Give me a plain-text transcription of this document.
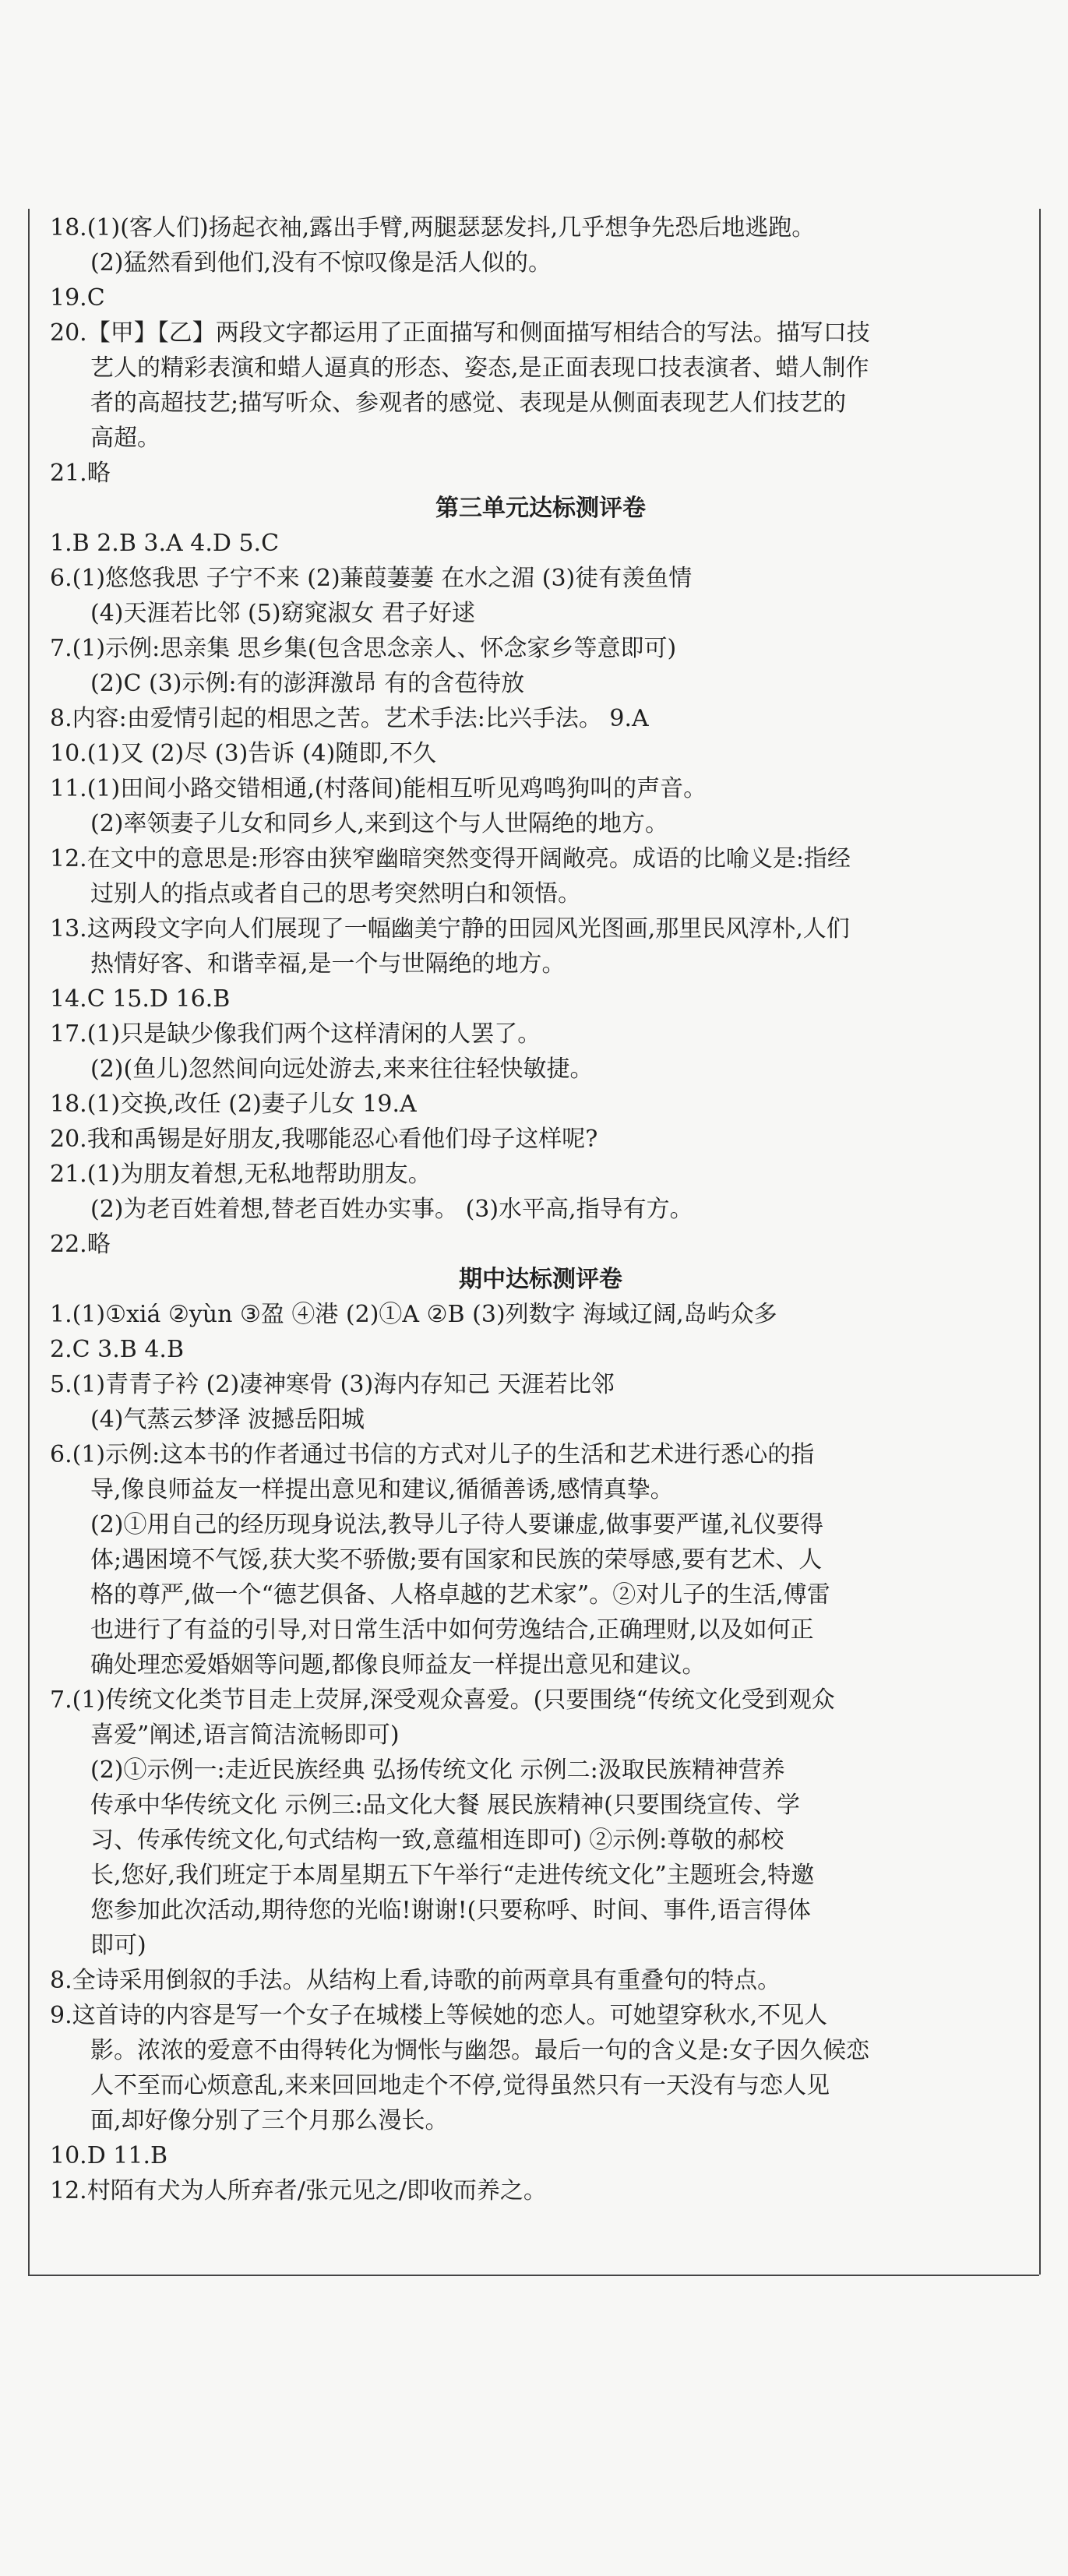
18.(1)(客人们)扬起衣袖,露出手臂,两腿瑟瑟发抖,几乎想争先恐后地逃跑。
(2)猛然看到他们,没有不惊叹像是活人似的。
19.C
20.【甲】【乙】两段文字都运用了正面描写和侧面描写相结合的写法。描写口技
艺人的精彩表演和蜡人逼真的形态、姿态,是正面表现口技表演者、蜡人制作
者的高超技艺;描写听众、参观者的感觉、表现是从侧面表现艺人们技艺的
高超。
21.略
第三单元达标测评卷
1.B 2.B 3.A 4.D 5.C
6.(1)悠悠我思 子宁不来 (2)蒹葭萋萋 在水之湄 (3)徒有羡鱼情
(4)天涯若比邻 (5)窈窕淑女 君子好逑
7.(1)示例:思亲集 思乡集(包含思念亲人、怀念家乡等意即可)
(2)C (3)示例:有的澎湃激昂 有的含苞待放
8.内容:由爱情引起的相思之苦。艺术手法:比兴手法。 9.A
10.(1)又 (2)尽 (3)告诉 (4)随即,不久
11.(1)田间小路交错相通,(村落间)能相互听见鸡鸣狗叫的声音。
(2)率领妻子儿女和同乡人,来到这个与人世隔绝的地方。
12.在文中的意思是:形容由狭窄幽暗突然变得开阔敞亮。成语的比喻义是:指经
过别人的指点或者自己的思考突然明白和领悟。
13.这两段文字向人们展现了一幅幽美宁静的田园风光图画,那里民风淳朴,人们
热情好客、和谐幸福,是一个与世隔绝的地方。
14.C 15.D 16.B
17.(1)只是缺少像我们两个这样清闲的人罢了。
(2)(鱼儿)忽然间向远处游去,来来往往轻快敏捷。
18.(1)交换,改任 (2)妻子儿女 19.A
20.我和禹锡是好朋友,我哪能忍心看他们母子这样呢?
21.(1)为朋友着想,无私地帮助朋友。
(2)为老百姓着想,替老百姓办实事。 (3)水平高,指导有方。
22.略
期中达标测评卷
1.(1)①xiá ②yùn ③盈 ④港 (2)①A ②B (3)列数字 海域辽阔,岛屿众多
2.C 3.B 4.B
5.(1)青青子衿 (2)凄神寒骨 (3)海内存知己 天涯若比邻
(4)气蒸云梦泽 波撼岳阳城
6.(1)示例:这本书的作者通过书信的方式对儿子的生活和艺术进行悉心的指
导,像良师益友一样提出意见和建议,循循善诱,感情真挚。
(2)①用自己的经历现身说法,教导儿子待人要谦虚,做事要严谨,礼仪要得
体;遇困境不气馁,获大奖不骄傲;要有国家和民族的荣辱感,要有艺术、人
格的尊严,做一个“德艺俱备、人格卓越的艺术家”。②对儿子的生活,傅雷
也进行了有益的引导,对日常生活中如何劳逸结合,正确理财,以及如何正
确处理恋爱婚姻等问题,都像良师益友一样提出意见和建议。
7.(1)传统文化类节目走上荧屏,深受观众喜爱。(只要围绕“传统文化受到观众
喜爱”阐述,语言简洁流畅即可)
(2)①示例一:走近民族经典 弘扬传统文化 示例二:汲取民族精神营养
传承中华传统文化 示例三:品文化大餐 展民族精神(只要围绕宣传、学
习、传承传统文化,句式结构一致,意蕴相连即可) ②示例:尊敬的郝校
长,您好,我们班定于本周星期五下午举行“走进传统文化”主题班会,特邀
您参加此次活动,期待您的光临!谢谢!(只要称呼、时间、事件,语言得体
即可)
8.全诗采用倒叙的手法。从结构上看,诗歌的前两章具有重叠句的特点。
9.这首诗的内容是写一个女子在城楼上等候她的恋人。可她望穿秋水,不见人
影。浓浓的爱意不由得转化为惆怅与幽怨。最后一句的含义是:女子因久候恋
人不至而心烦意乱,来来回回地走个不停,觉得虽然只有一天没有与恋人见
面,却好像分别了三个月那么漫长。
10.D 11.B
12.村陌有犬为人所弃者/张元见之/即收而养之。
